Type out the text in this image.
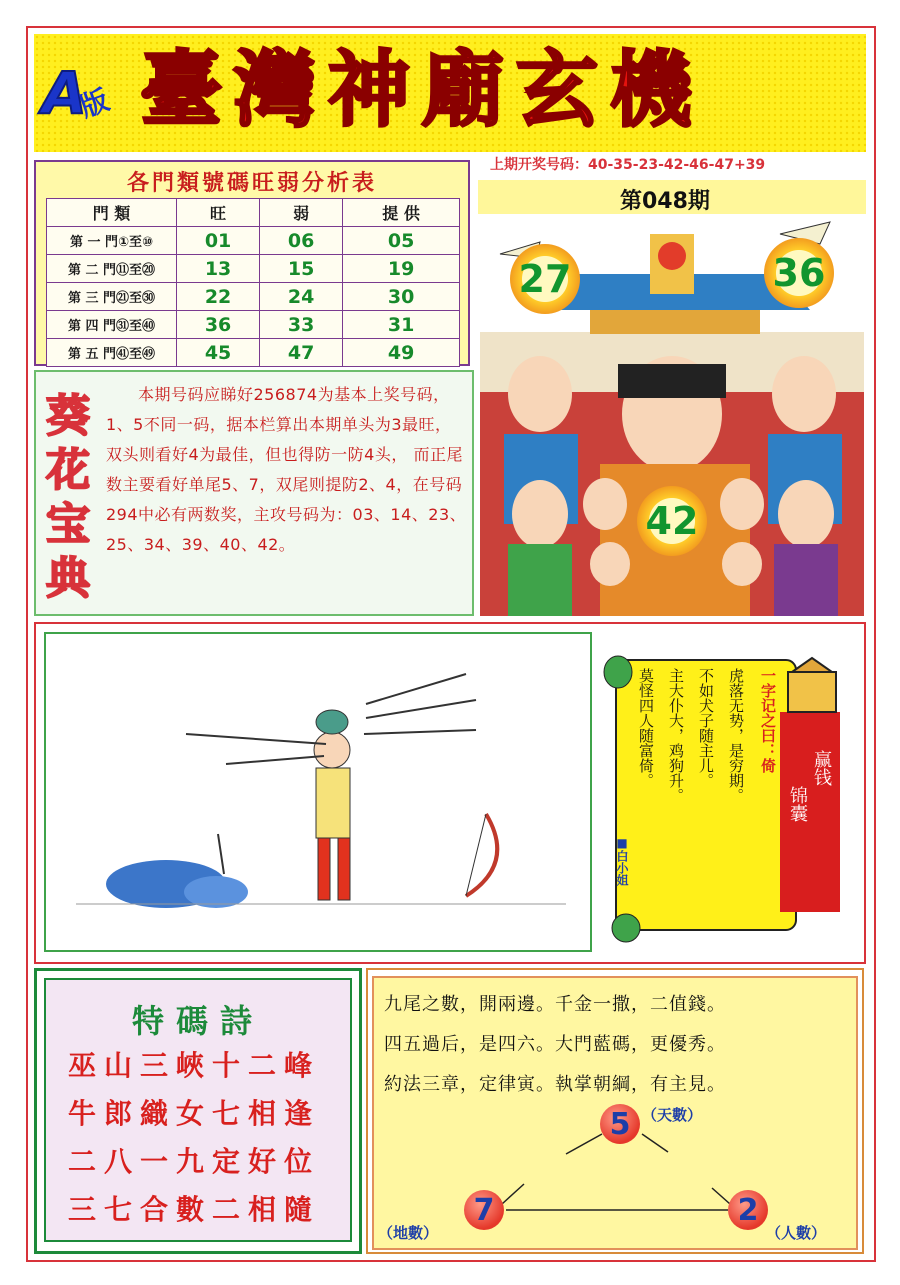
A
版 臺灣神廟玄機
各門類號碼旺弱分析表
門 類	旺	弱	提 供
第 一 門①至⑩	01	06	05
第 二 門⑪至⑳	13	15	19
第 三 門㉑至㉚	22	24	30
第 四 門㉛至㊵	36	33	31
第 五 門㊶至㊾	45	47	49
上期开奖号码：40-35-23-42-46-47+39
第048期
27	36
42
葵花宝典
本期号码应睇好256874为基本上奖号码，1、5不同一码，据本栏算出本期单头为3最旺，双头则看好4为最佳，但也得防一防4头， 而正尾数主要看好单尾5、7，双尾则提防2、4，在号码294中必有两数奖，主攻号码为：03、14、23、25、34、39、40、42。
一字记之曰：倚
虎落无势，是穷期。
不如犬子随主儿。
主大仆大，鸡狗升。
莫怪四人随富倚。
■白小姐
赢钱
锦囊
特碼詩
巫山三峽十二峰
牛郎織女七相逢
二八一九定好位
三七合數二相隨
九尾之數，開兩邊。千金一撒，二值錢。
四五過后，是四六。大門藍碼，更優秀。
約法三章，定律寅。執掌朝綱，有主見。
5 （天數）
7
（地數）
2
（人數）
